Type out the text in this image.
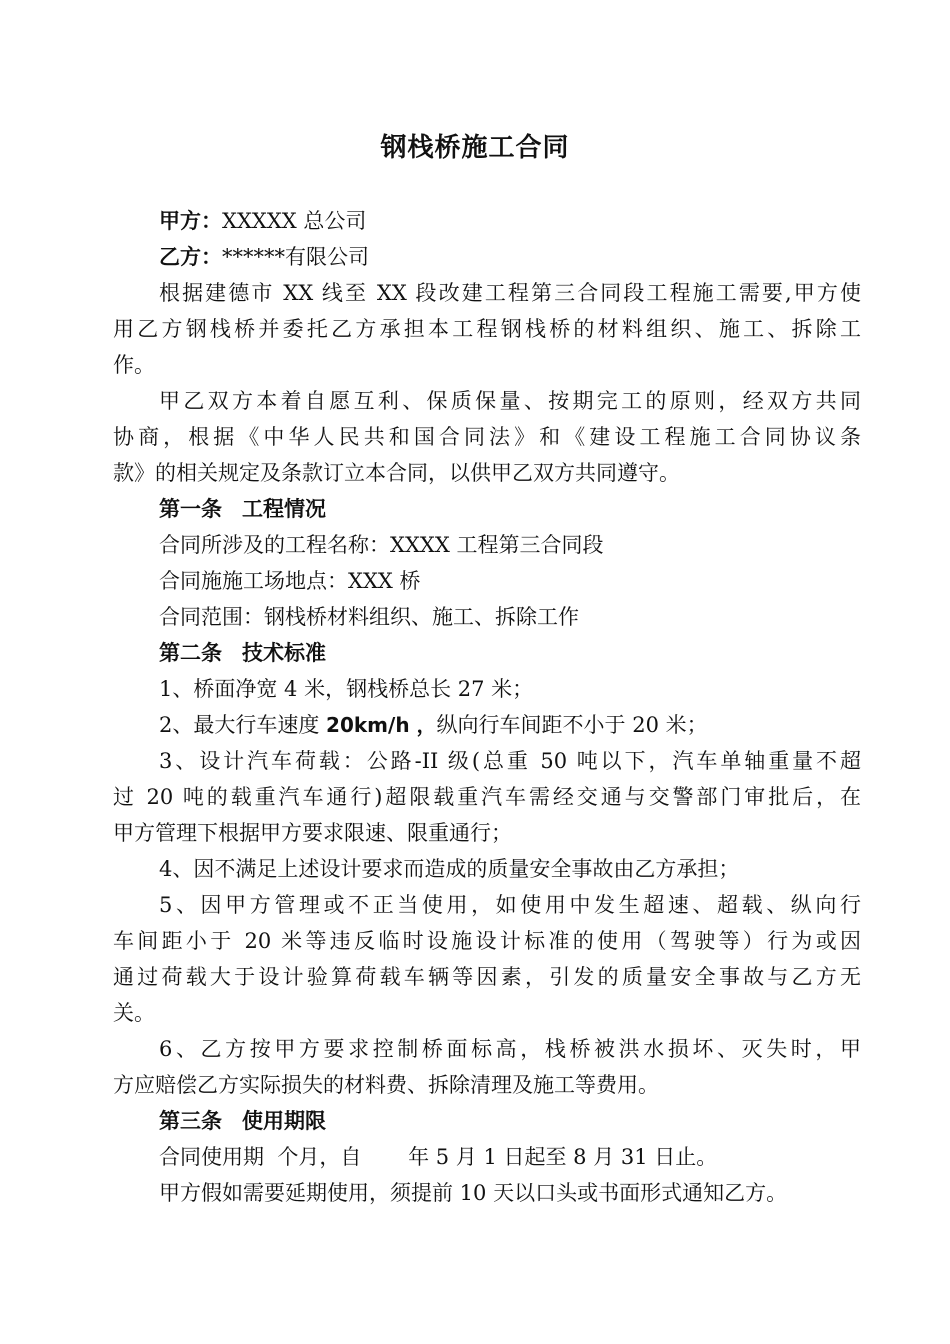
钢栈桥施工合同
甲方：XXXXX 总公司
乙方：******有限公司
根据建德市 XX 线至 XX 段改建工程第三合同段工程施工需要,甲方使
用乙方钢栈桥并委托乙方承担本工程钢栈桥的材料组织、施工、拆除工
作。
甲乙双方本着自愿互利、保质保量、按期完工的原则，经双方共同
协商，根据《中华人民共和国合同法》和《建设工程施工合同协议条
款》的相关规定及条款订立本合同，以供甲乙双方共同遵守。
第一条 工程情况
合同所涉及的工程名称：XXXX 工程第三合同段
合同施施工场地点：XXX 桥
合同范围：钢栈桥材料组织、施工、拆除工作
第二条 技术标准
1、桥面净宽 4 米，钢栈桥总长 27 米；
2、最大行车速度 20km/h ，纵向行车间距不小于 20 米；
3、设计汽车荷载：公路-II 级(总重 50 吨以下，汽车单轴重量不超
过 20 吨的载重汽车通行)超限载重汽车需经交通与交警部门审批后，在
甲方管理下根据甲方要求限速、限重通行；
4、因不满足上述设计要求而造成的质量安全事故由乙方承担；
5、因甲方管理或不正当使用，如使用中发生超速、超载、纵向行
车间距小于 20 米等违反临时设施设计标准的使用（驾驶等）行为或因
通过荷载大于设计验算荷载车辆等因素，引发的质量安全事故与乙方无
关。
6、乙方按甲方要求控制桥面标高，栈桥被洪水损坏、灭失时，甲
方应赔偿乙方实际损失的材料费、拆除清理及施工等费用。
第三条 使用期限
合同使用期  个月，自       年 5 月 1 日起至 8 月 31 日止。
甲方假如需要延期使用，须提前 10 天以口头或书面形式通知乙方。
